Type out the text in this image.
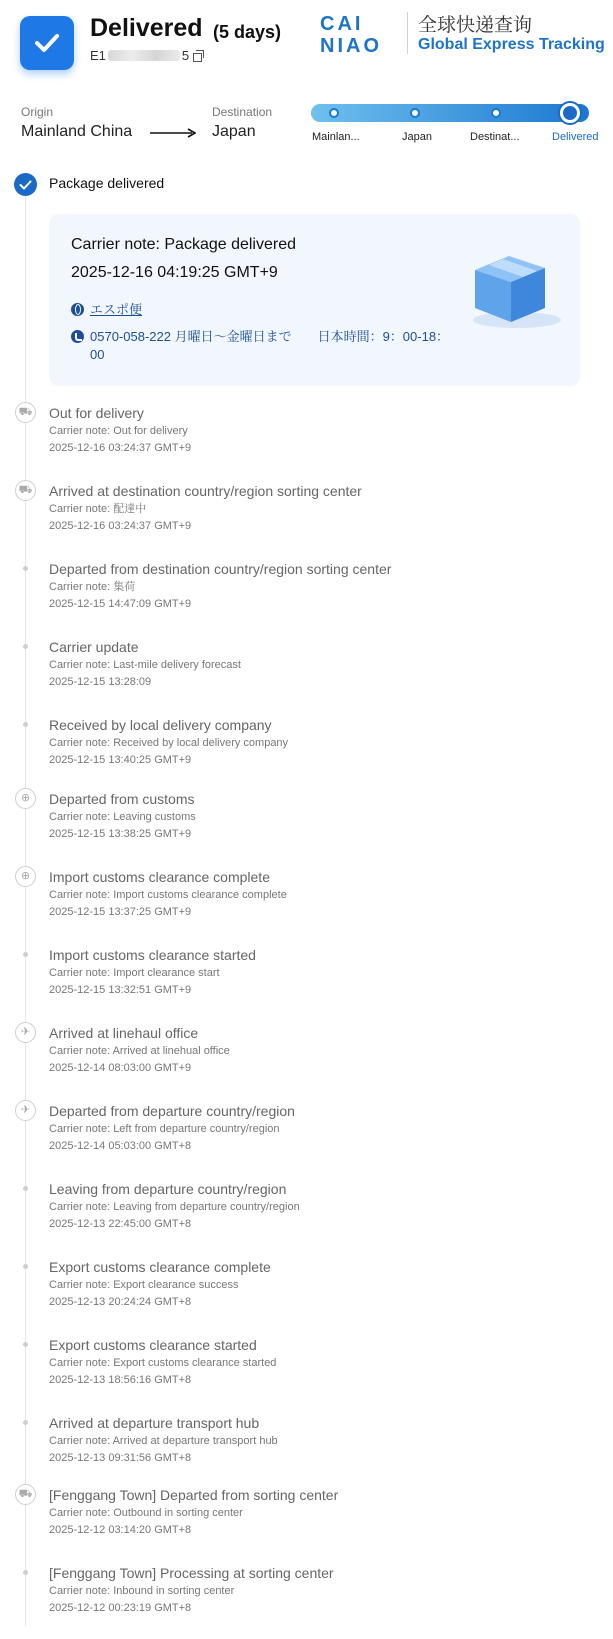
Delivered (5 days)
E1	5
CAI
NIAO
全球快递查询
Global Express Tracking
Origin
Mainland China
Destination
Japan	Mainlan...	Japan	Destinat...	Delivered
Package delivered
Carrier note: Package delivered
2025-12-16 04:19:25 GMT+9
エスポ便
0570-058-222 月曜日～金曜日まで　　日本時間：9：00-18：00
⛟ Out for delivery
Carrier note: Out for delivery
2025-12-16 03:24:37 GMT+9
⛟ Arrived at destination country/region sorting center
Carrier note: 配達中
2025-12-16 03:24:37 GMT+9
Departed from destination country/region sorting center
Carrier note: 集荷
2025-12-15 14:47:09 GMT+9
Carrier update
Carrier note: Last-mile delivery forecast
2025-12-15 13:28:09
Received by local delivery company
Carrier note: Received by local delivery company
2025-12-15 13:40:25 GMT+9
⊕	Departed from customs
Carrier note: Leaving customs
2025-12-15 13:38:25 GMT+9
⊕	Import customs clearance complete
Carrier note: Import customs clearance complete
2025-12-15 13:37:25 GMT+9
Import customs clearance started
Carrier note: Import clearance start
2025-12-15 13:32:51 GMT+9
✈	Arrived at linehaul office
Carrier note: Arrived at linehual office
2025-12-14 08:03:00 GMT+9
✈	Departed from departure country/region
Carrier note: Left from departure country/region
2025-12-14 05:03:00 GMT+8
Leaving from departure country/region
Carrier note: Leaving from departure country/region
2025-12-13 22:45:00 GMT+8
Export customs clearance complete
Carrier note: Export clearance success
2025-12-13 20:24:24 GMT+8
Export customs clearance started
Carrier note: Export customs clearance started
2025-12-13 18:56:16 GMT+8
Arrived at departure transport hub
Carrier note: Arrived at departure transport hub
2025-12-13 09:31:56 GMT+8
⛟ [Fenggang Town] Departed from sorting center
Carrier note: Outbound in sorting center
2025-12-12 03:14:20 GMT+8
[Fenggang Town] Processing at sorting center
Carrier note: Inbound in sorting center
2025-12-12 00:23:19 GMT+8
